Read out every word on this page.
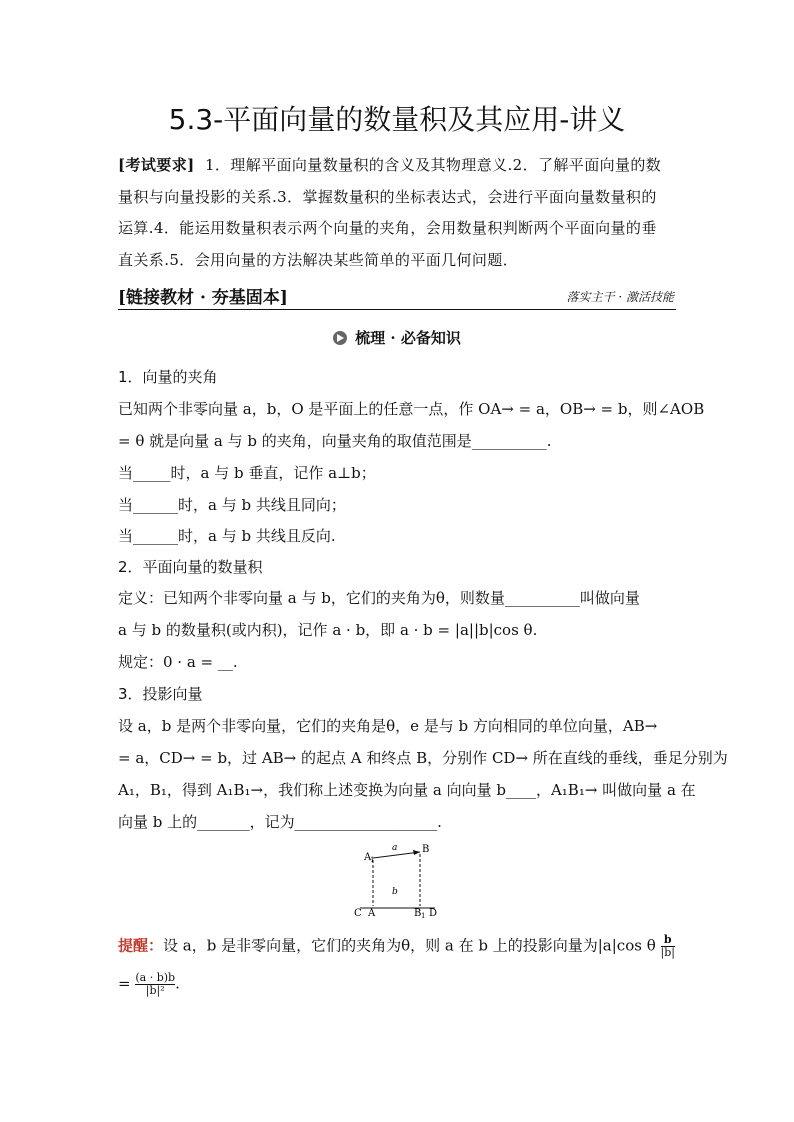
5.3-平面向量的数量积及其应用-讲义
[考试要求] 1．理解平面向量数量积的含义及其物理意义.2．了解平面向量的数
量积与向量投影的关系.3．掌握数量积的坐标表达式，会进行平面向量数量积的
运算.4．能运用数量积表示两个向量的夹角，会用数量积判断两个平面向量的垂
直关系.5．会用向量的方法解决某些简单的平面几何问题．
[链接教材 · 夯基固本]	落实主干 · 激活技能
梳理 · 必备知识
1．向量的夹角
已知两个非零向量 a，b，O 是平面上的任意一点，作 OA→ = a，OB→ = b，则∠AOB
= θ 就是向量 a 与 b 的夹角，向量夹角的取值范围是__________.
当_____时，a 与 b 垂直，记作 a⊥b；
当______时，a 与 b 共线且同向；
当______时，a 与 b 共线且反向.
2．平面向量的数量积
定义：已知两个非零向量 a 与 b，它们的夹角为θ，则数量__________叫做向量
a 与 b 的数量积(或内积)，记作 a · b，即 a · b = |a||b|cos θ.
规定：0 · a = __.
3．投影向量
设 a，b 是两个非零向量，它们的夹角是θ，e 是与 b 方向相同的单位向量，AB→
= a，CD→ = b，过 AB→ 的起点 A 和终点 B，分别作 CD→ 所在直线的垂线，垂足分别为
A₁，B₁，得到 A₁B₁→，我们称上述变换为向量 a 向向量 b____，A₁B₁→ 叫做向量 a 在
向量 b 上的_______，记为___________________.
A
1
a B
b
C A	B 1 D
提醒：设 a，b 是非零向量，它们的夹角为θ，则 a 在 b 上的投影向量为|a|cos θ $\frac{b}{|b|}$
= $\frac{(a \cdot b)b}{\text{|b|²}}$ .
